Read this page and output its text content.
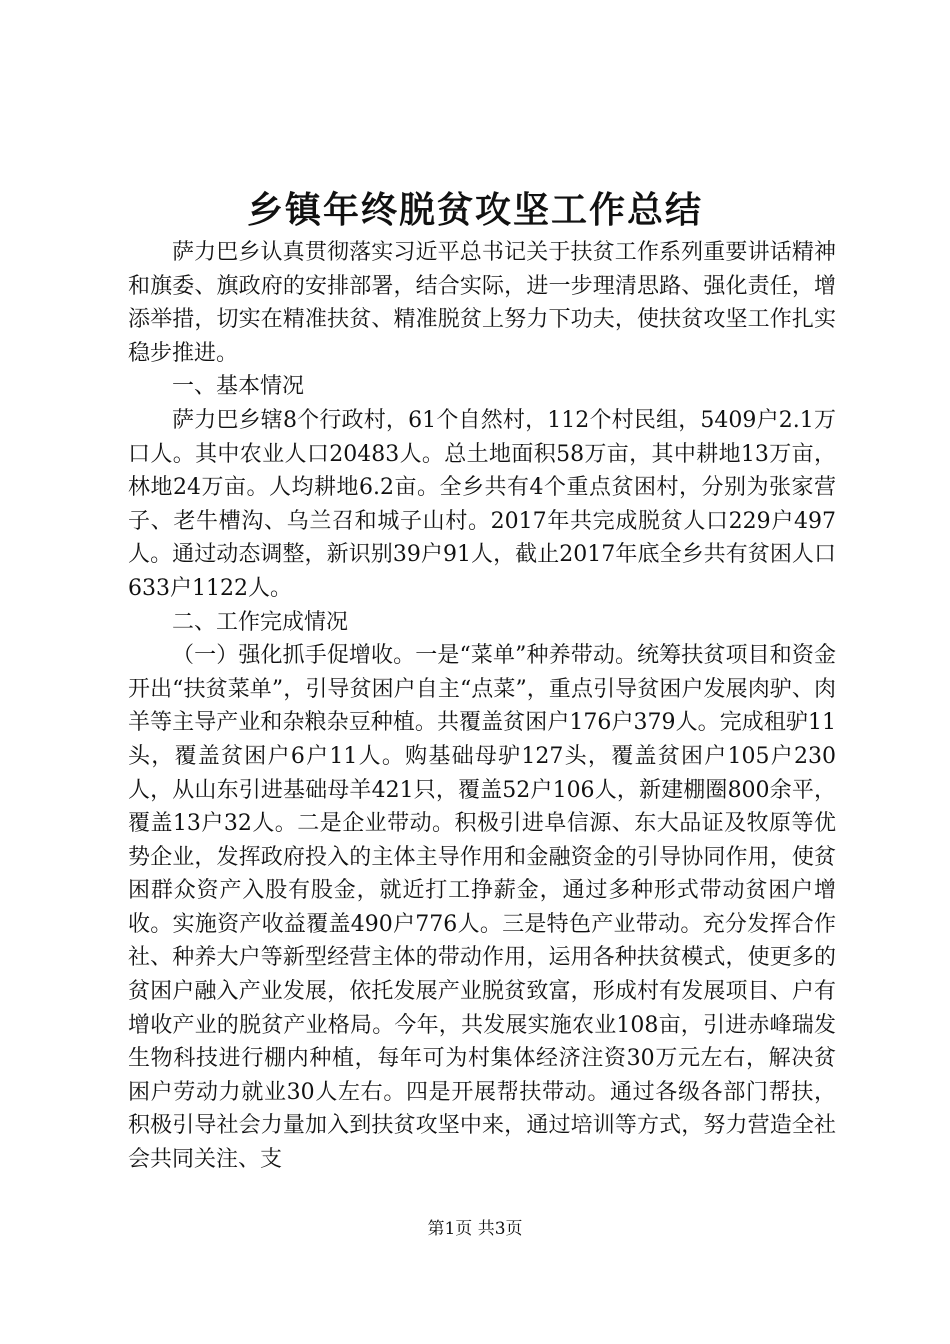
乡镇年终脱贫攻坚工作总结

萨力巴乡认真贯彻落实习近平总书记关于扶贫工作系列重要讲话精神和旗委、旗政府的安排部署，结合实际，进一步理清思路、强化责任，增添举措，切实在精准扶贫、精准脱贫上努力下功夫，使扶贫攻坚工作扎实稳步推进。

一、基本情况

萨力巴乡辖8个行政村，61个自然村，112个村民组，5409户2.1万口人。其中农业人口20483人。总土地面积58万亩，其中耕地13万亩，林地24万亩。人均耕地6.2亩。全乡共有4个重点贫困村，分别为张家营子、老牛槽沟、乌兰召和城子山村。2017年共完成脱贫人口229户497人。通过动态调整，新识别39户91人，截止2017年底全乡共有贫困人口633户1122人。

二、工作完成情况

（一）强化抓手促增收。一是“菜单”种养带动。统筹扶贫项目和资金开出“扶贫菜单”，引导贫困户自主“点菜”，重点引导贫困户发展肉驴、肉羊等主导产业和杂粮杂豆种植。共覆盖贫困户176户379人。完成租驴11头，覆盖贫困户6户11人。购基础母驴127头，覆盖贫困户105户230人，从山东引进基础母羊421只，覆盖52户106人，新建棚圈800余平，覆盖13户32人。二是企业带动。积极引进阜信源、东大品证及牧原等优势企业，发挥政府投入的主体主导作用和金融资金的引导协同作用，使贫困群众资产入股有股金，就近打工挣薪金，通过多种形式带动贫困户增收。实施资产收益覆盖490户776人。三是特色产业带动。充分发挥合作社、种养大户等新型经营主体的带动作用，运用各种扶贫模式，使更多的贫困户融入产业发展，依托发展产业脱贫致富，形成村有发展项目、户有增收产业的脱贫产业格局。今年，共发展实施农业108亩，引进赤峰瑞发生物科技进行棚内种植，每年可为村集体经济注资30万元左右，解决贫困户劳动力就业30人左右。四是开展帮扶带动。通过各级各部门帮扶，积极引导社会力量加入到扶贫攻坚中来，通过培训等方式，努力营造全社会共同关注、支

第1页 共3页
